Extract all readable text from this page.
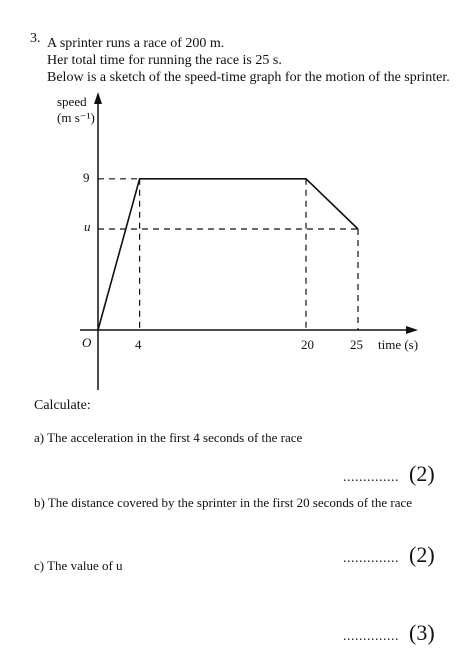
3. A sprinter runs a race of 200 m.
Her total time for running the race is 25 s.
Below is a sketch of the speed-time graph for the motion of the sprinter.
speed
(m s⁻¹)
9
u
O	4	20	25 time (s)
Calculate:
a) The acceleration in the first 4 seconds of the race
.............. (2)
b) The distance covered by the sprinter in the first 20 seconds of the race
.............. (2)
c) The value of u
.............. (3)
